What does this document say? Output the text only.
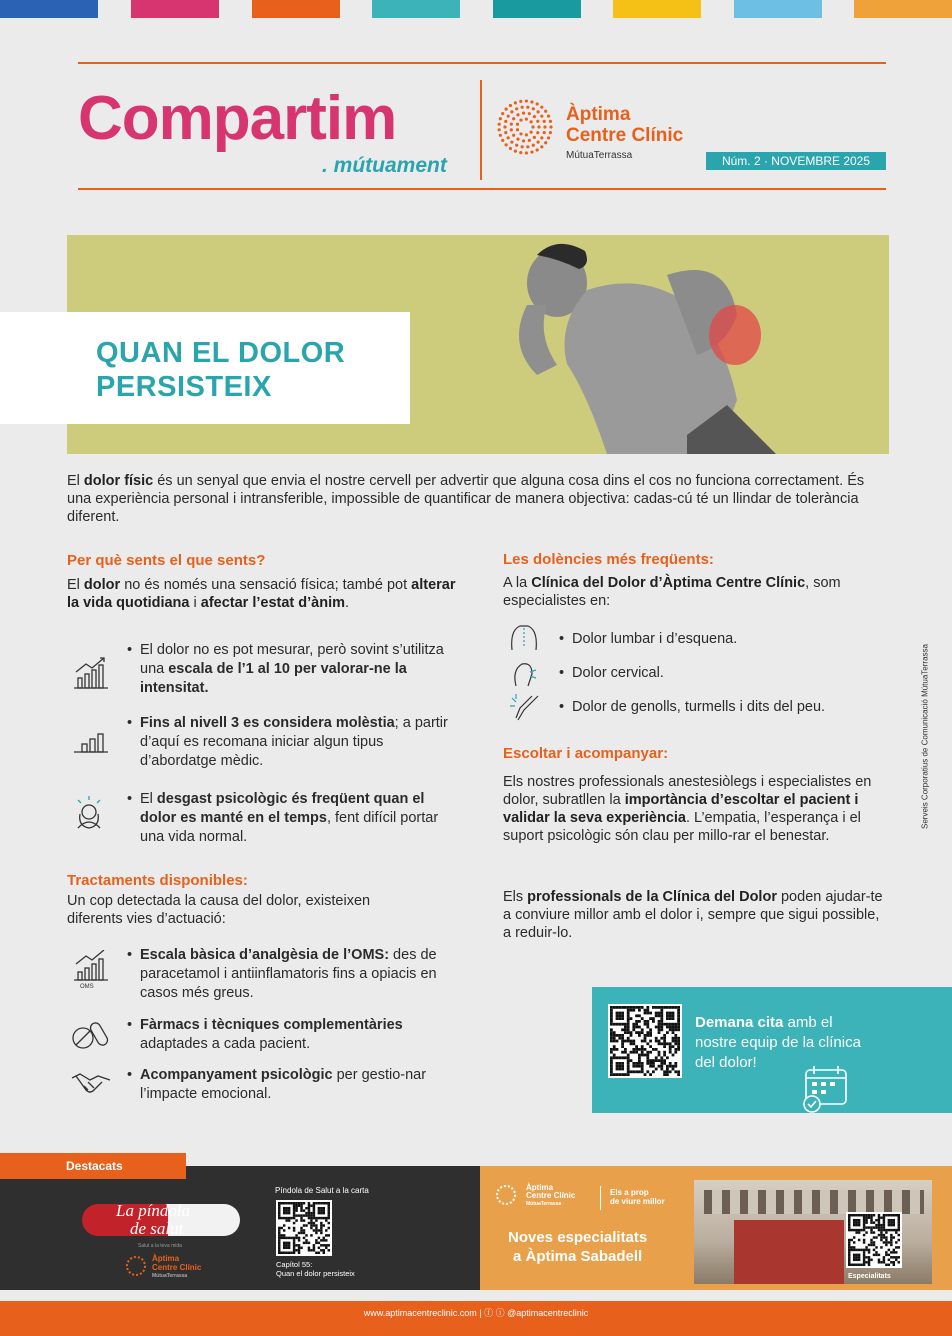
Compartim
. mútuament
Àptima
Centre Clínic
MútuaTerrassa	Núm. 2 · NOVEMBRE 2025
QUAN EL DOLOR
PERSISTEIX
El dolor físic és un senyal que envia el nostre cervell per advertir que alguna cosa dins el cos no funciona correctament. És una experiència personal i intransferible, impossible de quantificar de manera objectiva: cadas-cú té un llindar de tolerància diferent.
Per què sents el que sents?
El dolor no és només una sensació física; també pot alterar la vida quotidiana i afectar l’estat d’ànim.
• El dolor no es pot mesurar, però sovint s’utilitza una escala de l’1 al 10 per valorar-ne la intensitat.
• Fins al nivell 3 es considera molèstia; a partir d’aquí es recomana iniciar algun tipus d’abordatge mèdic.
• El desgast psicològic és freqüent quan el dolor es manté en el temps, fent difícil portar una vida normal.
Tractaments disponibles:
Un cop detectada la causa del dolor, existeixen diferents vies d’actuació:
OMS
• Escala bàsica d’analgèsia de l’OMS: des de paracetamol i antiinflamatoris fins a opiacis en casos més greus.
• Fàrmacs i tècniques complementàries adaptades a cada pacient.
• Acompanyament psicològic per gestio-nar l’impacte emocional.
Les dolències més freqüents:
A la Clínica del Dolor d’Àptima Centre Clínic, som especialistes en:
• Dolor lumbar i d’esquena.
• Dolor cervical.
• Dolor de genolls, turmells i dits del peu.
Escoltar i acompanyar:
Els nostres professionals anestesiòlegs i especialistes en dolor, subratllen la importància d’escoltar el pacient i validar la seva experiència. L’empatia, l’esperança i el suport psicològic són clau per millo-rar el benestar.
Els professionals de la Clínica del Dolor poden ajudar-te a conviure millor amb el dolor i, sempre que sigui possible, a reduir-lo.
Serveis Corporatius de Comunicació MútuaTerrassa
Demana cita amb el nostre equip de la clínica del dolor!
Destacats
La píndola
de salut
Salut a la teva mida
Àptima
Centre Clínic
MútuaTerrassa
Píndola de Salut a la carta
Capítol 55:
Quan el dolor persisteix
Àptima
Centre Clínic
MútuaTerrassa
Els a prop
de viure millor
Noves especialitats
a Àptima Sabadell
Especialitats
www.aptimacentreclinic.com | ⓕ ⓘ @aptimacentreclinic
